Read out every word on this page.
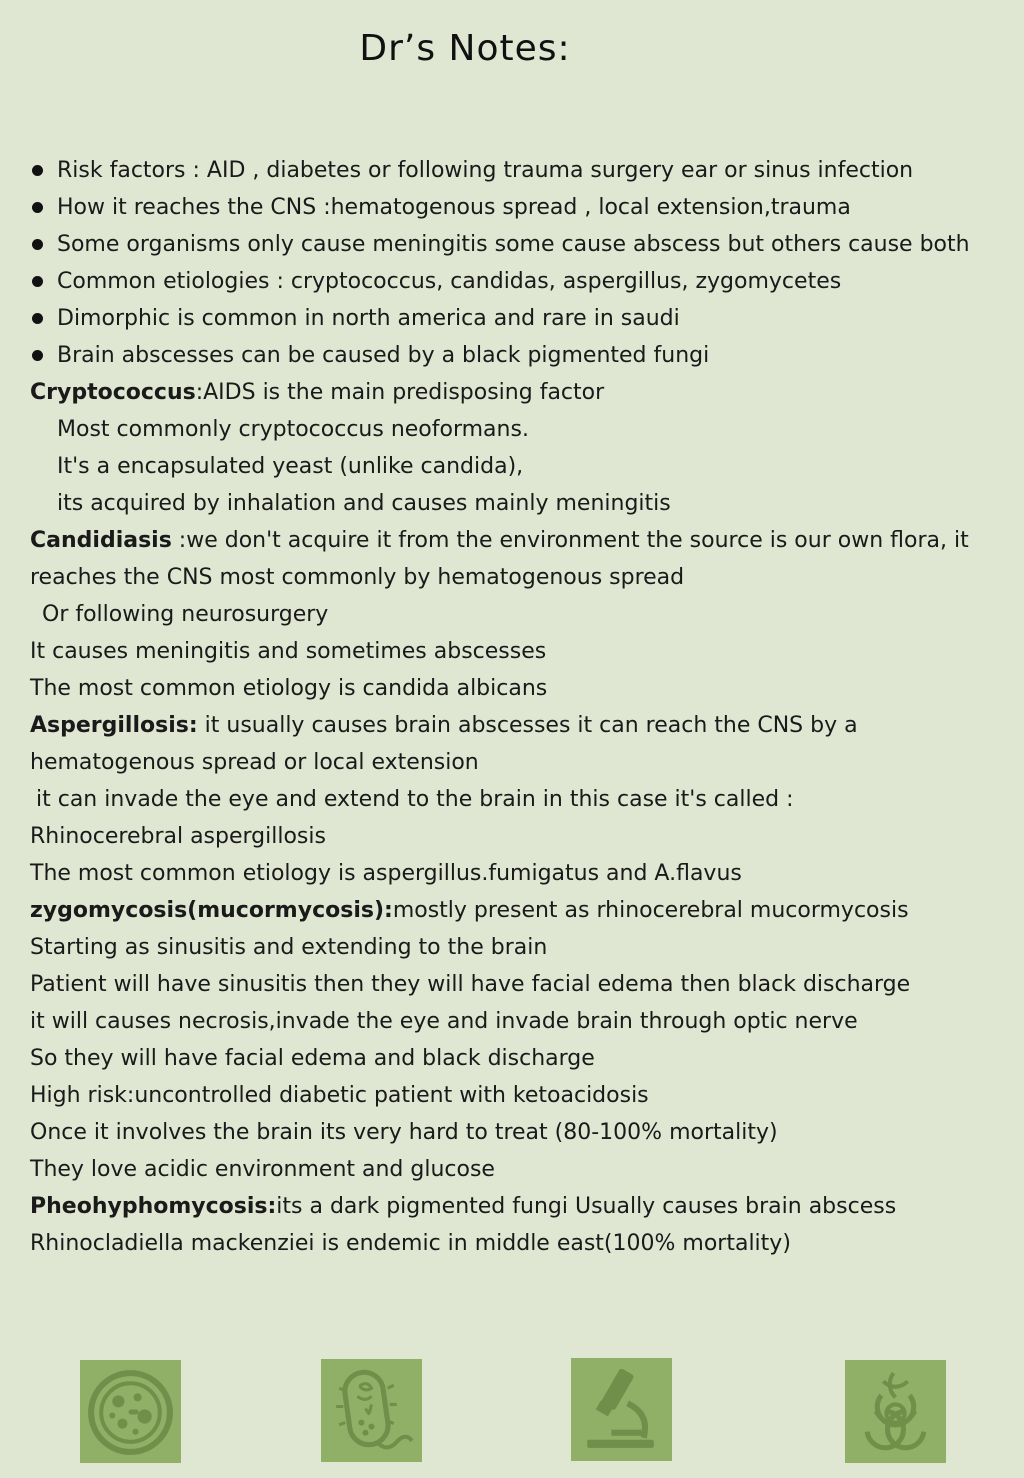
Dr’s Notes:
Risk factors : AID , diabetes or following trauma surgery ear or sinus infection
How it reaches the CNS :hematogenous spread , local extension,trauma
Some organisms only cause meningitis some cause abscess but others cause both
Common etiologies : cryptococcus, candidas, aspergillus, zygomycetes
Dimorphic is common in north america and rare in saudi
Brain abscesses can be caused by a black pigmented fungi
Cryptococcus:AIDS is the main predisposing factor
Most commonly cryptococcus neoformans.
It's a encapsulated yeast (unlike candida),
its acquired by inhalation and causes mainly meningitis
Candidiasis :we don't acquire it from the environment the source is our own flora, it reaches the CNS most commonly by hematogenous spread
Or following neurosurgery
It causes meningitis and sometimes abscesses
The most common etiology is candida albicans
Aspergillosis: it usually causes brain abscesses it can reach the CNS by a hematogenous spread or local extension
it can invade the eye and extend to the brain in this case it's called :
Rhinocerebral aspergillosis
The most common etiology is aspergillus.fumigatus and A.flavus
zygomycosis(mucormycosis):mostly present as rhinocerebral mucormycosis
Starting as sinusitis and extending to the brain
Patient will have sinusitis then they will have facial edema then black discharge
it will causes necrosis,invade the eye and invade brain through optic nerve
So they will have facial edema and black discharge
High risk:uncontrolled diabetic patient with ketoacidosis
Once it involves the brain its very hard to treat (80-100% mortality)
They love acidic environment and glucose
Pheohyphomycosis:its a dark pigmented fungi Usually causes brain abscess
Rhinocladiella mackenziei is endemic in middle east(100% mortality)
